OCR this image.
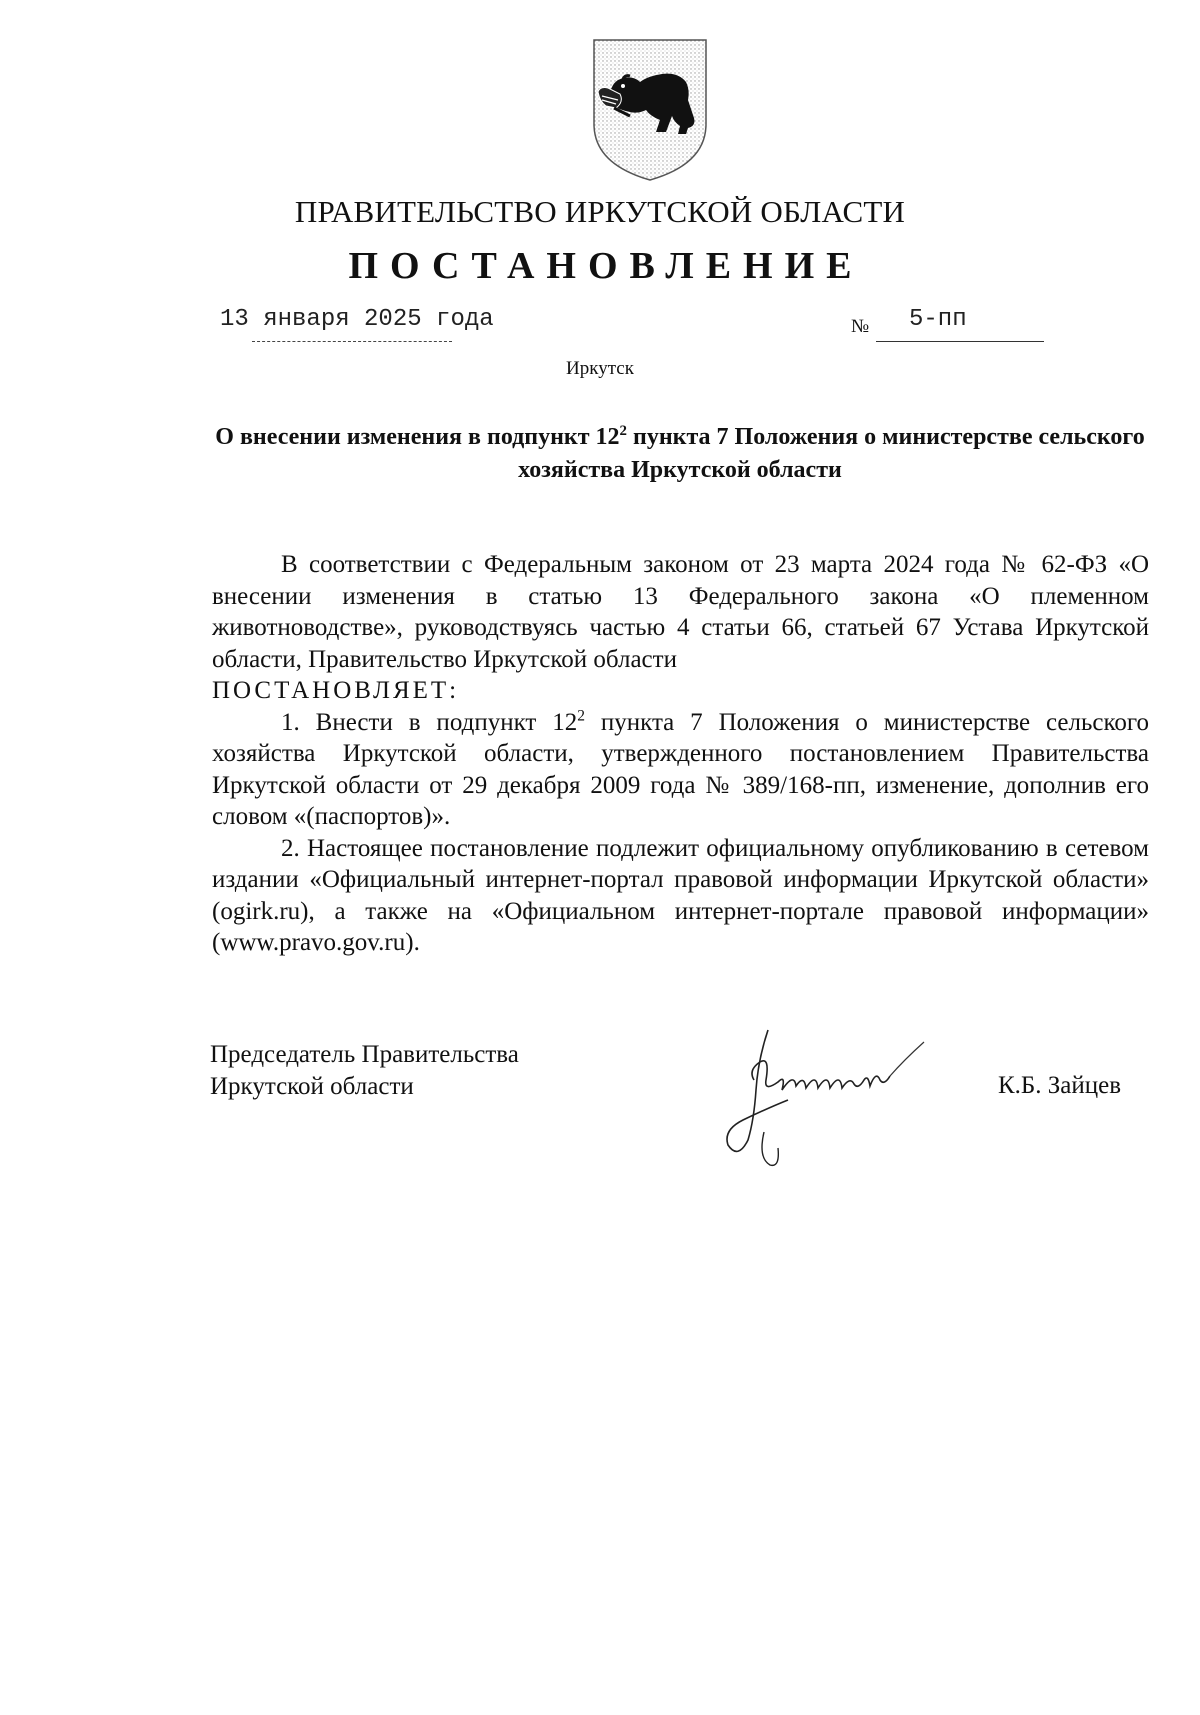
ПРАВИТЕЛЬСТВО ИРКУТСКОЙ ОБЛАСТИ
ПОСТАНОВЛЕНИЕ
13 января 2025 года	№ 5-пп
Иркутск
О внесении изменения в подпункт $12^2$ пункта 7 Положения о министерстве сельского хозяйства Иркутской области

В соответствии с Федеральным законом от 23 марта 2024 года № 62-ФЗ «О внесении изменения в статью 13 Федерального закона «О племенном животноводстве», руководствуясь частью 4 статьи 66, статьей 67 Устава Иркутской области, Правительство Иркутской области

ПОСТАНОВЛЯЕТ:

1. Внести в подпункт $12^2$ пункта 7 Положения о министерстве сельского хозяйства Иркутской области, утвержденного постановлением Правительства Иркутской области от 29 декабря 2009 года № 389/168-пп, изменение, дополнив его словом «(паспортов)».

2. Настоящее постановление подлежит официальному опубликованию в сетевом издании «Официальный интернет-портал правовой информации Иркутской области» (ogirk.ru), а также на «Официальном интернет-портале правовой информации» (www.pravo.gov.ru).

Председатель Правительства
Иркутской области	К.Б. Зайцев
